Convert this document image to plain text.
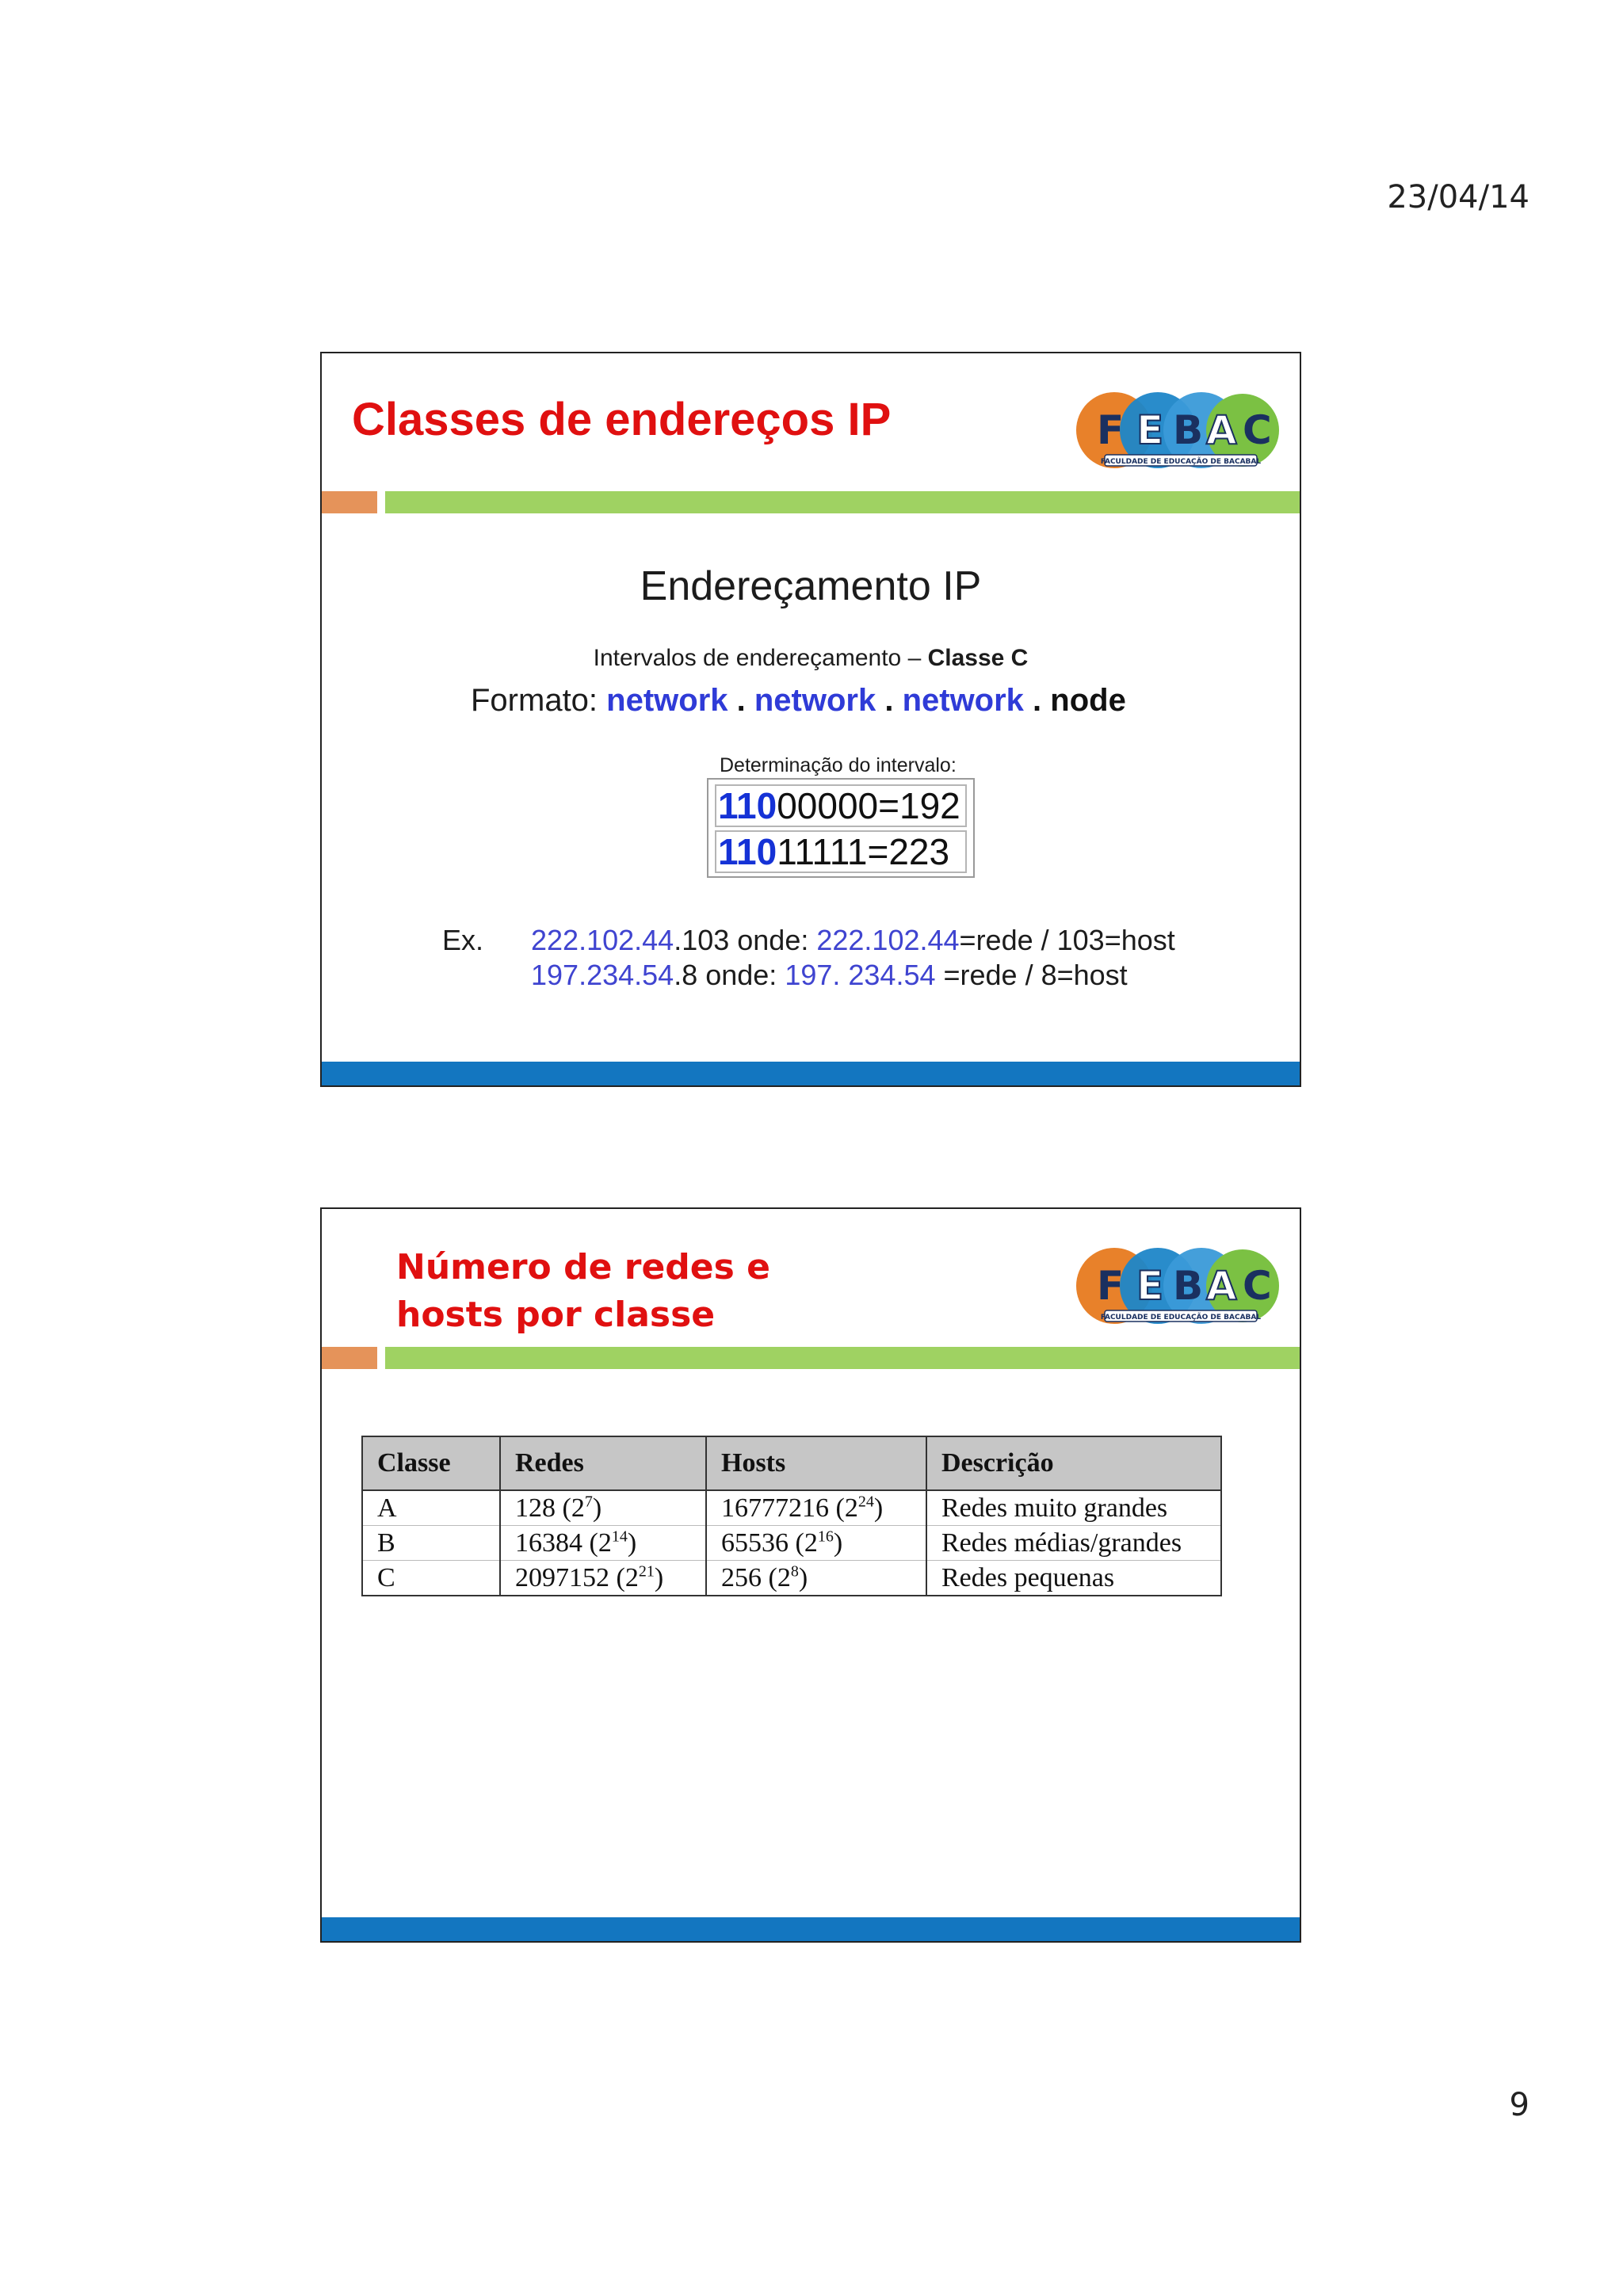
23/04/14
Classes de endereços IP	F E B A C
FACULDADE DE EDUCAÇÃO DE BACABAL
Endereçamento IP
Intervalos de endereçamento – Classe C
Formato: network . network . network . node
Determinação do intervalo:
11000000=192
11011111=223
Ex. 222.102.44.103 onde: 222.102.44=rede / 103=host
197.234.54.8 onde: 197. 234.54 =rede / 8=host
Número de redes e
hosts por classe
F E B A C
FACULDADE DE EDUCAÇÃO DE BACABAL
Classe	Redes	Hosts	Descrição
A	128 $(2^7)$	16777216 $(2^{24})$	Redes muito grandes
B	16384 $(2^{14})$	65536 $(2^{16})$	Redes médias/grandes
C	2097152 $(2^{21})$	256 $(2^8)$	Redes pequenas
9
